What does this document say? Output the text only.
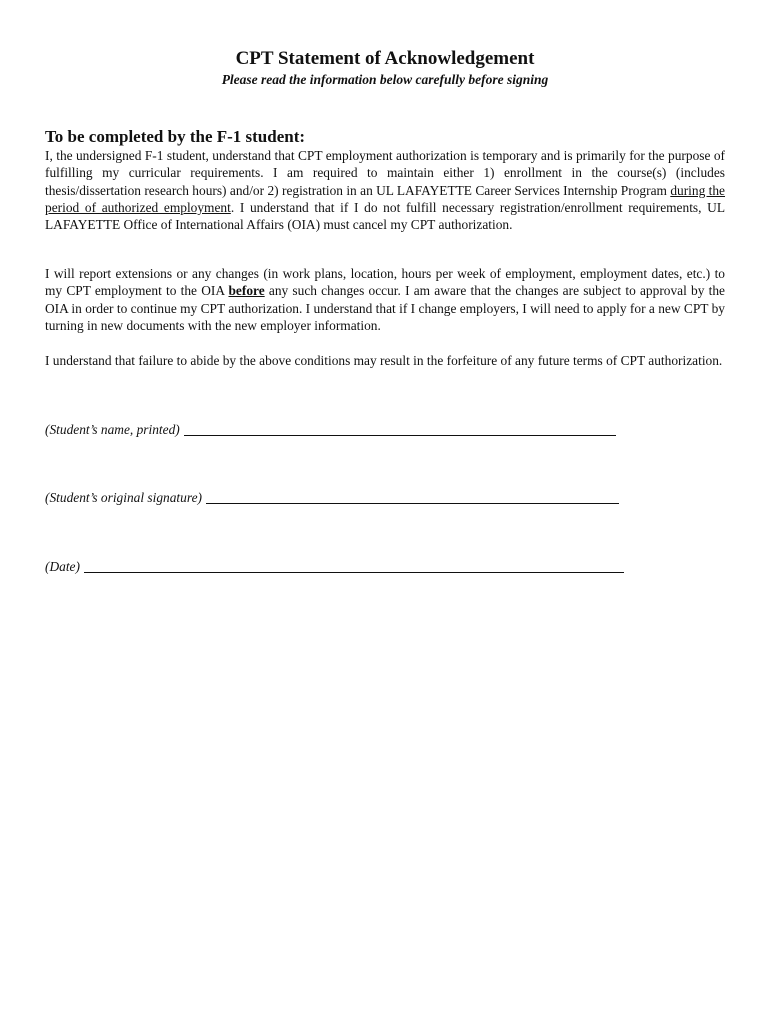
CPT Statement of Acknowledgement
Please read the information below carefully before signing
To be completed by the F-1 student:

I, the undersigned F-1 student, understand that CPT employment authorization is temporary and is primarily for the purpose of fulfilling my curricular requirements. I am required to maintain either 1) enrollment in the course(s) (includes thesis/dissertation research hours) and/or 2) registration in an UL LAFAYETTE Career Services Internship Program during the period of authorized employment. I understand that if I do not fulfill necessary registration/enrollment requirements, UL LAFAYETTE Office of International Affairs (OIA) must cancel my CPT authorization.

I will report extensions or any changes (in work plans, location, hours per week of employment, employment dates, etc.) to my CPT employment to the OIA before any such changes occur. I am aware that the changes are subject to approval by the OIA in order to continue my CPT authorization. I understand that if I change employers, I will need to apply for a new CPT by turning in new documents with the new employer information.

I understand that failure to abide by the above conditions may result in the forfeiture of any future terms of CPT authorization.

(Student’s name, printed)
(Student’s original signature)
(Date)
